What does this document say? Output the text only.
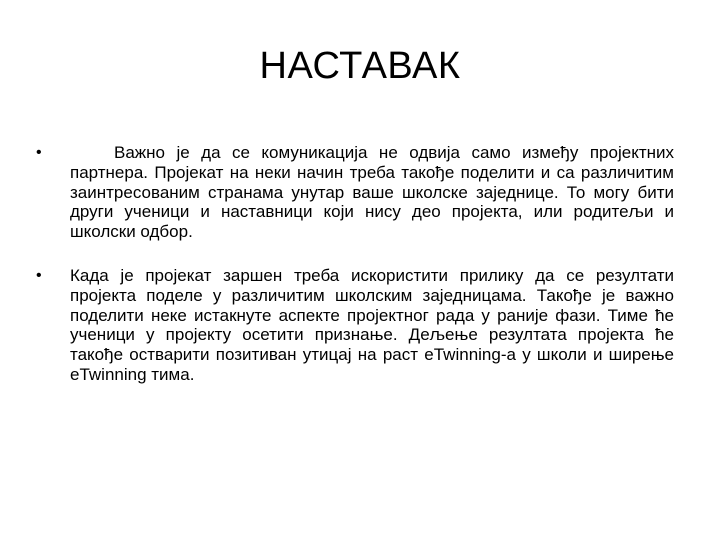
НАСТАВАК
•	Важно је да се комуникација не одвија само између пројектних партнера. Пројекат на неки начин треба такође поделити и са различитим заинтресованим странама унутар ваше школске заједнице. То могу бити други ученици и наставници који нису део пројекта, или родитељи и школски одбор.
•	Када је пројекат заршен треба искористити прилику да се резултати пројекта поделе у различитим школским заједницама. Такође је важно поделити неке истакнуте аспекте пројектног рада у раније фази. Тиме ће ученици у пројекту осетити признање. Дељење резултата пројекта ће такође остварити позитиван утицај на раст eTwinning-a у школи и ширење eTwinning тима.
